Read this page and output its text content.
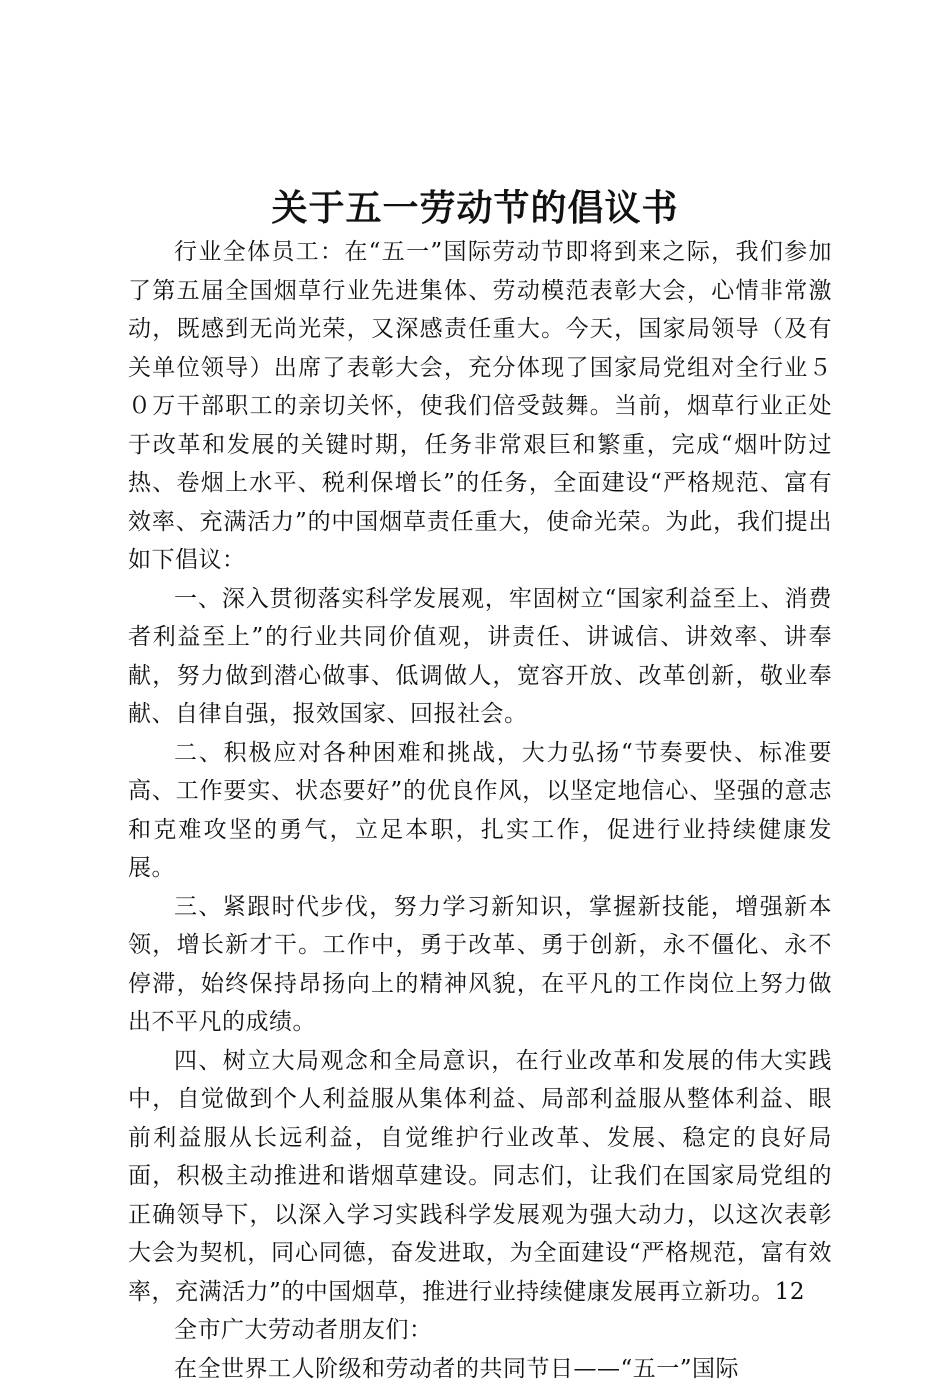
关于五一劳动节的倡议书

行业全体员工：在“五一”国际劳动节即将到来之际，我们参加了第五届全国烟草行业先进集体、劳动模范表彰大会，心情非常激动，既感到无尚光荣，又深感责任重大。今天，国家局领导（及有关单位领导）出席了表彰大会，充分体现了国家局党组对全行业５０万干部职工的亲切关怀，使我们倍受鼓舞。当前，烟草行业正处于改革和发展的关键时期，任务非常艰巨和繁重，完成“烟叶防过热、卷烟上水平、税利保增长”的任务，全面建设“严格规范、富有效率、充满活力”的中国烟草责任重大，使命光荣。为此，我们提出如下倡议：

一、深入贯彻落实科学发展观，牢固树立“国家利益至上、消费者利益至上”的行业共同价值观，讲责任、讲诚信、讲效率、讲奉献，努力做到潜心做事、低调做人，宽容开放、改革创新，敬业奉献、自律自强，报效国家、回报社会。

二、积极应对各种困难和挑战，大力弘扬“节奏要快、标准要高、工作要实、状态要好”的优良作风，以坚定地信心、坚强的意志和克难攻坚的勇气，立足本职，扎实工作，促进行业持续健康发展。

三、紧跟时代步伐，努力学习新知识，掌握新技能，增强新本领，增长新才干。工作中，勇于改革、勇于创新，永不僵化、永不停滞，始终保持昂扬向上的精神风貌，在平凡的工作岗位上努力做出不平凡的成绩。

四、树立大局观念和全局意识，在行业改革和发展的伟大实践中，自觉做到个人利益服从集体利益、局部利益服从整体利益、眼前利益服从长远利益，自觉维护行业改革、发展、稳定的良好局面，积极主动推进和谐烟草建设。同志们，让我们在国家局党组的正确领导下，以深入学习实践科学发展观为强大动力，以这次表彰大会为契机，同心同德，奋发进取，为全面建设“严格规范，富有效率，充满活力”的中国烟草，推进行业持续健康发展再立新功。12

全市广大劳动者朋友们：

在全世界工人阶级和劳动者的共同节日——“五一”国际
